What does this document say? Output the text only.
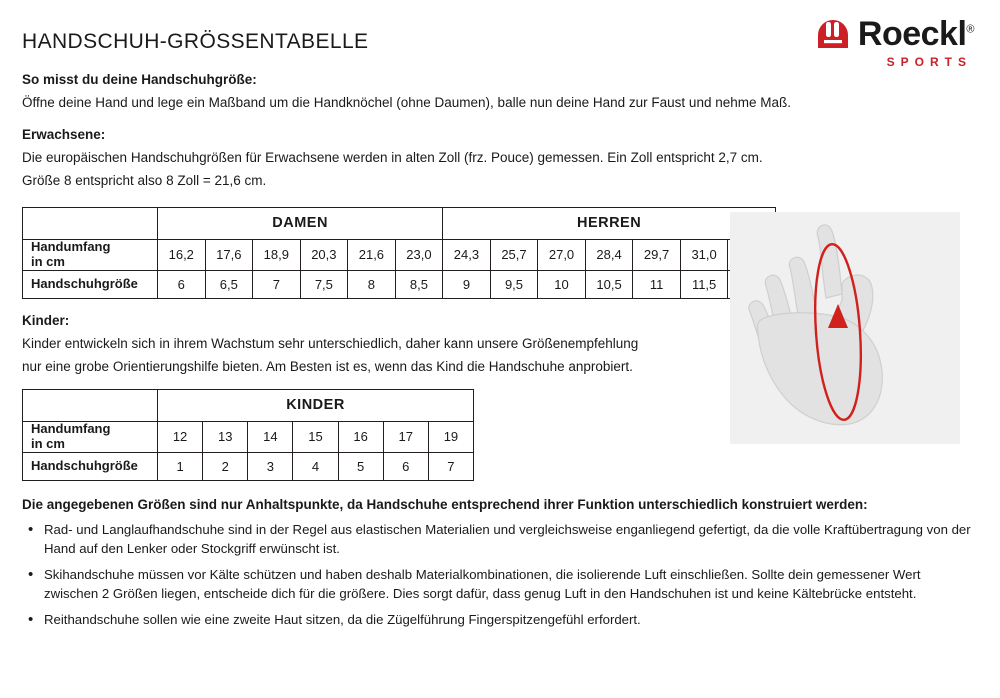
Roeckl®
SPORTS
HANDSCHUH-GRÖSSENTABELLE

So misst du deine Handschuhgröße:

Öffne deine Hand und lege ein Maßband um die Handknöchel (ohne Daumen), balle nun deine Hand zur Faust und nehme Maß.

Erwachsene:

Die europäischen Handschuhgrößen für Erwachsene werden in alten Zoll (frz. Pouce) gemessen. Ein Zoll entspricht 2,7 cm.

Größe 8 entspricht also 8 Zoll = 21,6 cm.

	DAMEN						HERREN						

Handumfang
in cm	16,2	17,6	18,9	20,3	21,6	23,0	24,3	25,7	27,0	28,4	29,7	31,0	
Handschuhgröße	6	6,5	7	7,5	8	8,5	9	9,5	10	10,5	11	11,5	

Kinder:

Kinder entwickeln sich in ihrem Wachstum sehr unterschiedlich, daher kann unsere Größenempfehlung

nur eine grobe Orientierungshilfe bieten. Am Besten ist es, wenn das Kind die Handschuhe anprobiert.

	KINDER						

Handumfang
in cm	12	13	14	15	16	17	19
Handschuhgröße	1	2	3	4	5	6	7
Die angegebenen Größen sind nur Anhaltspunkte, da Handschuhe entsprechend ihrer Funktion unterschiedlich konstruiert werden:
• Rad- und Langlaufhandschuhe sind in der Regel aus elastischen Materialien und vergleichsweise enganliegend gefertigt, da die volle Kraftübertragung von der Hand auf den Lenker oder Stockgriff erwünscht ist.
• Skihandschuhe müssen vor Kälte schützen und haben deshalb Materialkombinationen, die isolierende Luft einschließen. Sollte dein gemessener Wert zwischen 2 Größen liegen, entscheide dich für die größere. Dies sorgt dafür, dass genug Luft in den Handschuhen ist und keine Kältebrücke entsteht.
• Reithandschuhe sollen wie eine zweite Haut sitzen, da die Zügelführung Fingerspitzengefühl erfordert.
